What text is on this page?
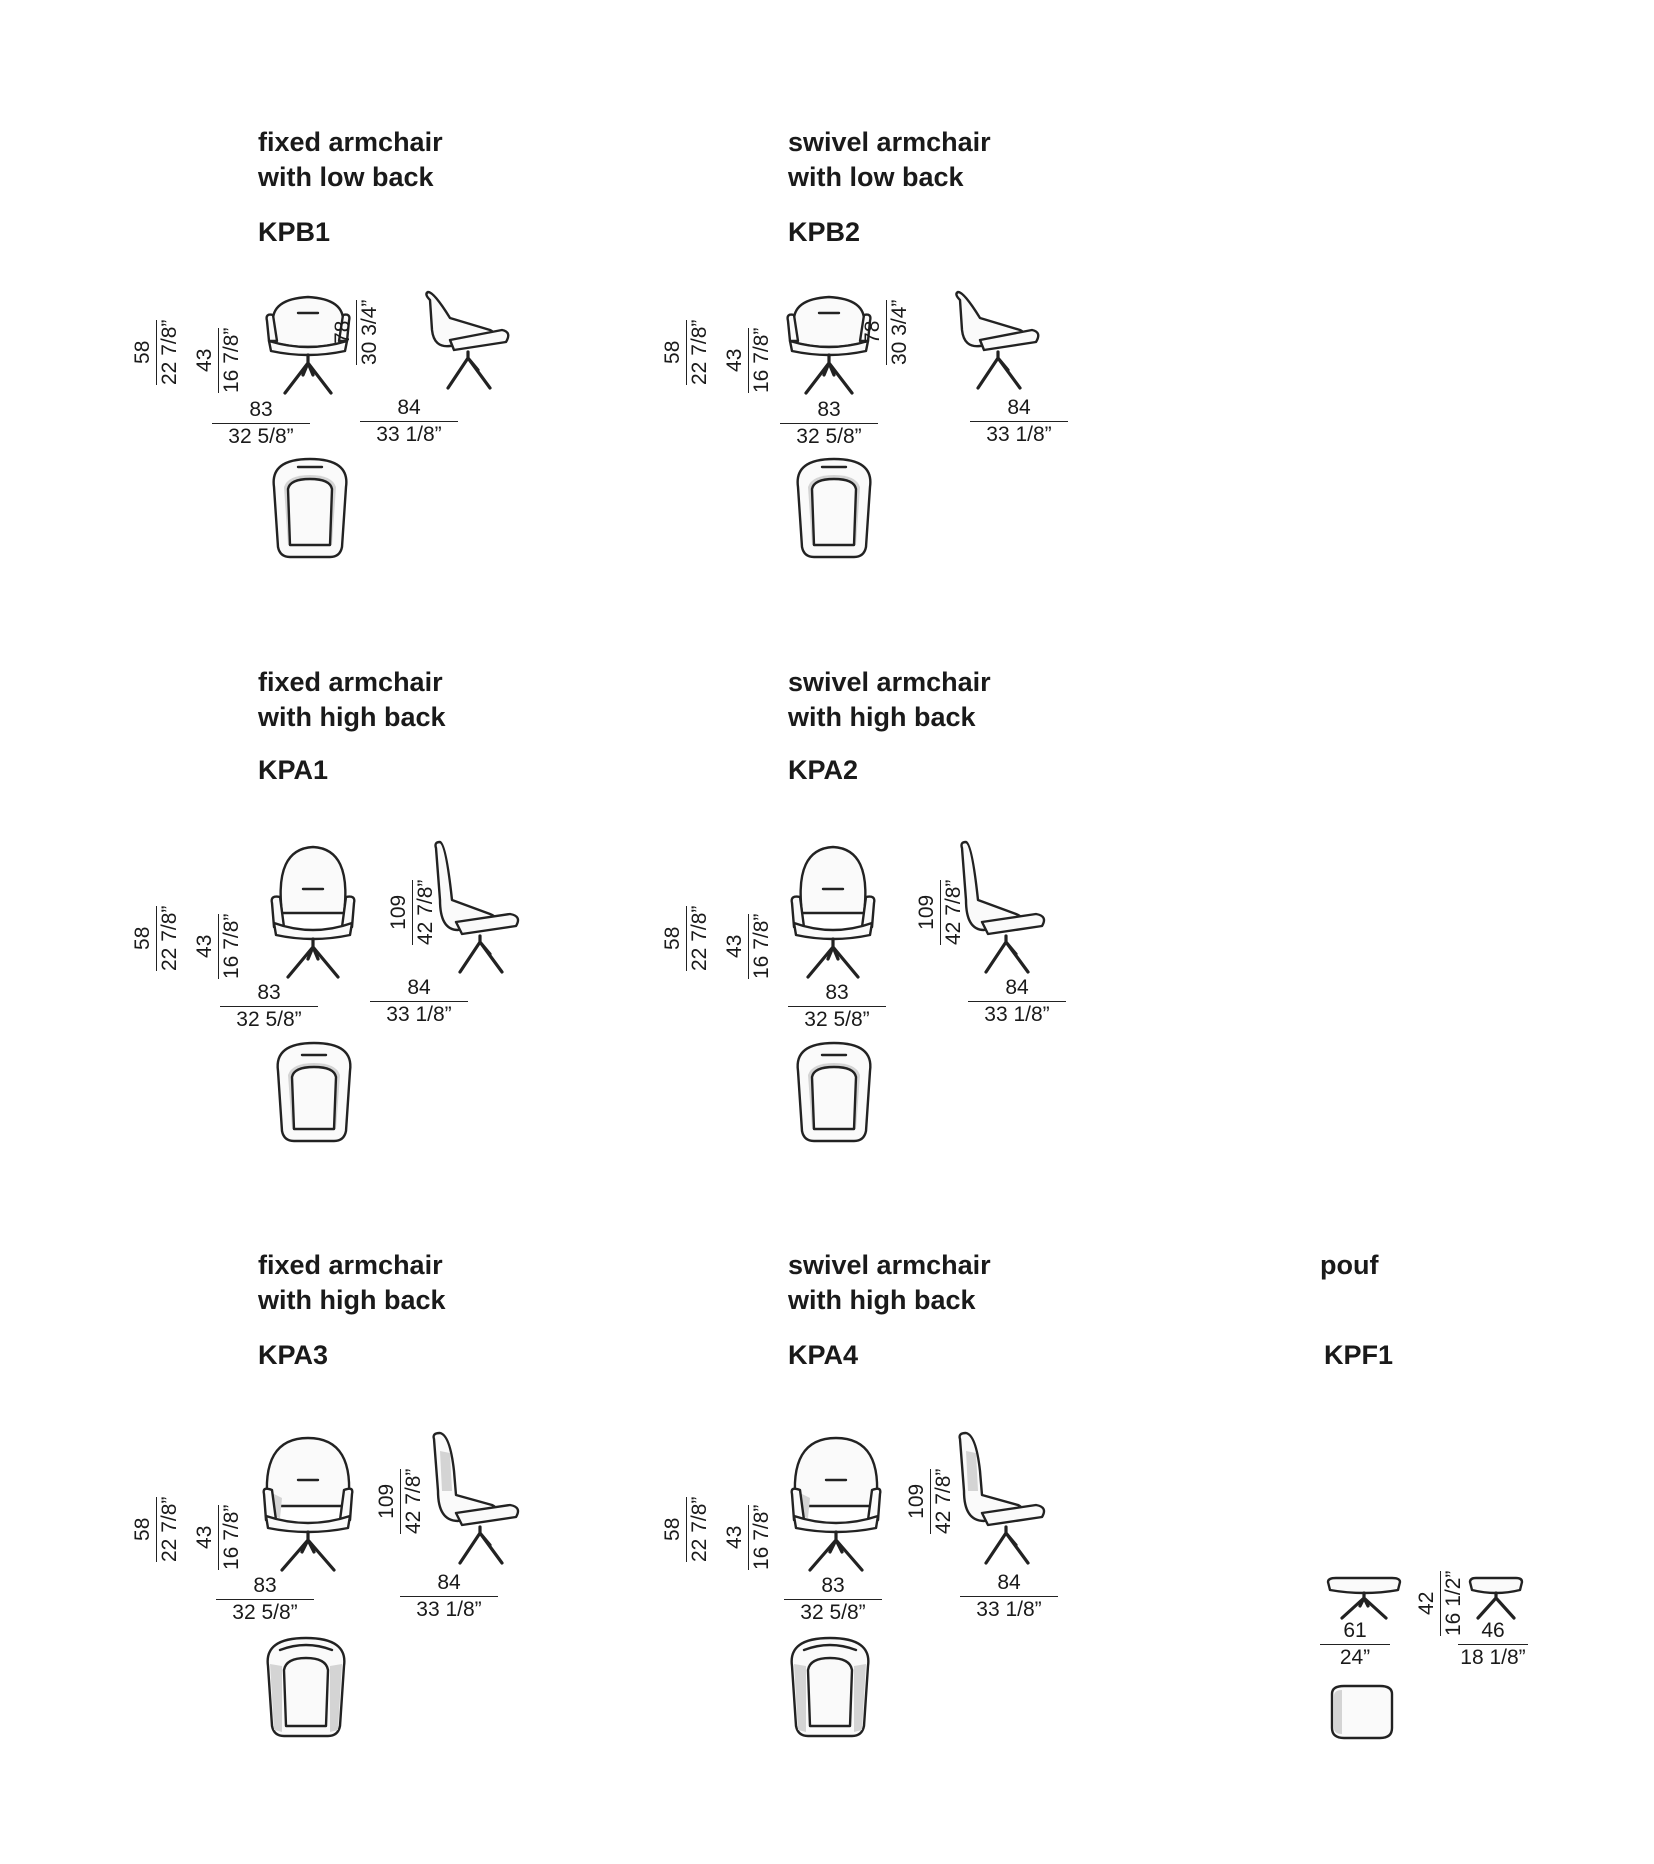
fixed armchair
with low back

KPB1

58 22 7/8” 43 16 7/8”
83
32 5/8”
78 30 3/4”
84
33 1/8”

swivel armchair
with low back

KPB2

58 22 7/8” 43 16 7/8”
83
32 5/8”
78 30 3/4”
84
33 1/8”

fixed armchair
with high back

KPA1

58 22 7/8” 43 16 7/8”
83
32 5/8”
109 42 7/8”
84
33 1/8”

swivel armchair
with high back

KPA2

58 22 7/8” 43 16 7/8”
83
32 5/8”
109 42 7/8”
84
33 1/8”

fixed armchair
with high back

KPA3

58 22 7/8” 43 16 7/8”
83
32 5/8”
109 42 7/8”
84
33 1/8”

swivel armchair
with high back

KPA4

58 22 7/8” 43 16 7/8”
83
32 5/8”
109 42 7/8”
84
33 1/8”

pouf

KPF1

61
24”
42 16 1/2” 46
18 1/8”
